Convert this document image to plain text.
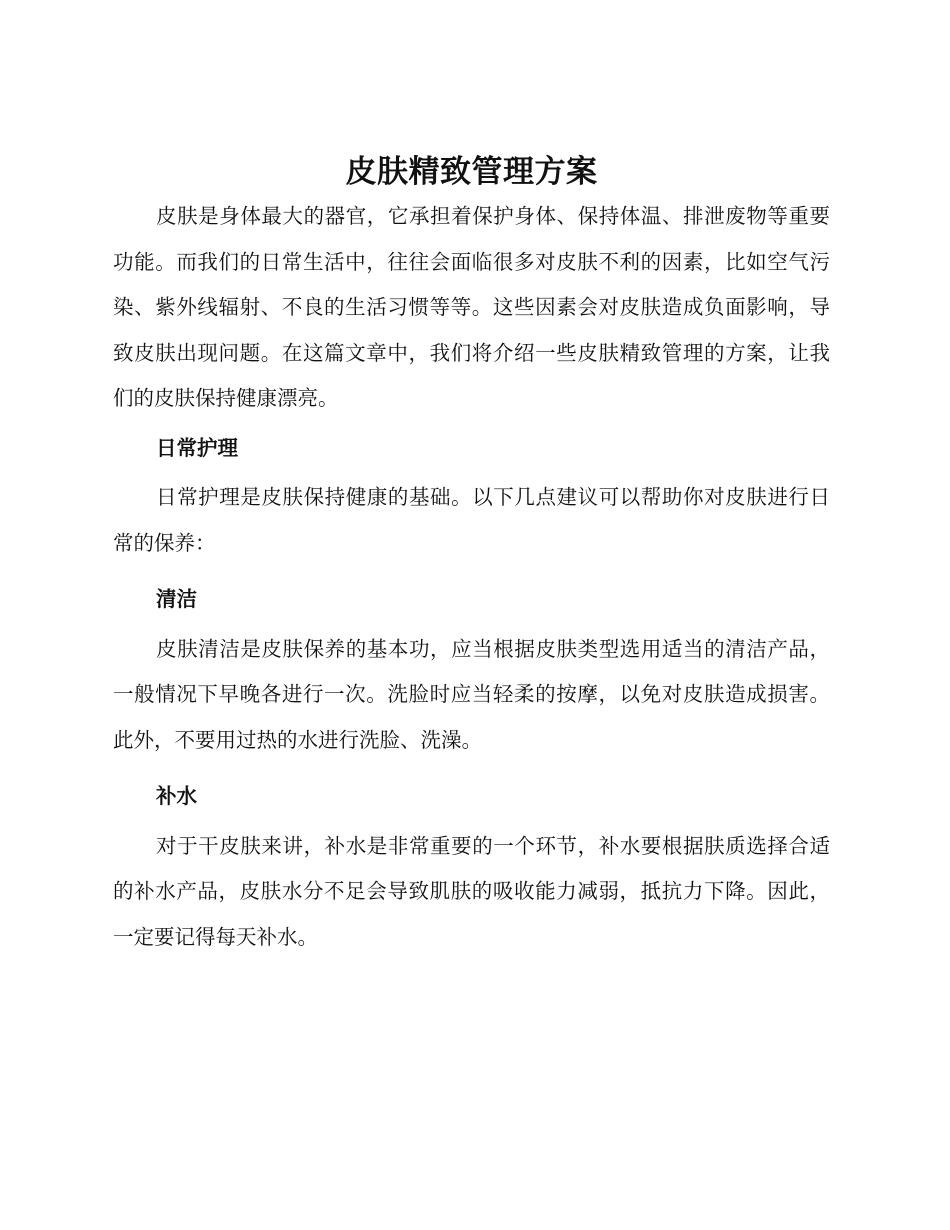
皮肤精致管理方案

皮肤是身体最大的器官，它承担着保护身体、保持体温、排泄废物等重要功能。而我们的日常生活中，往往会面临很多对皮肤不利的因素，比如空气污染、紫外线辐射、不良的生活习惯等等。这些因素会对皮肤造成负面影响，导致皮肤出现问题。在这篇文章中，我们将介绍一些皮肤精致管理的方案，让我们的皮肤保持健康漂亮。

日常护理

日常护理是皮肤保持健康的基础。以下几点建议可以帮助你对皮肤进行日常的保养：

清洁

皮肤清洁是皮肤保养的基本功，应当根据皮肤类型选用适当的清洁产品，一般情况下早晚各进行一次。洗脸时应当轻柔的按摩，以免对皮肤造成损害。此外，不要用过热的水进行洗脸、洗澡。

补水

对于干皮肤来讲，补水是非常重要的一个环节，补水要根据肤质选择合适的补水产品，皮肤水分不足会导致肌肤的吸收能力减弱，抵抗力下降。因此，一定要记得每天补水。
